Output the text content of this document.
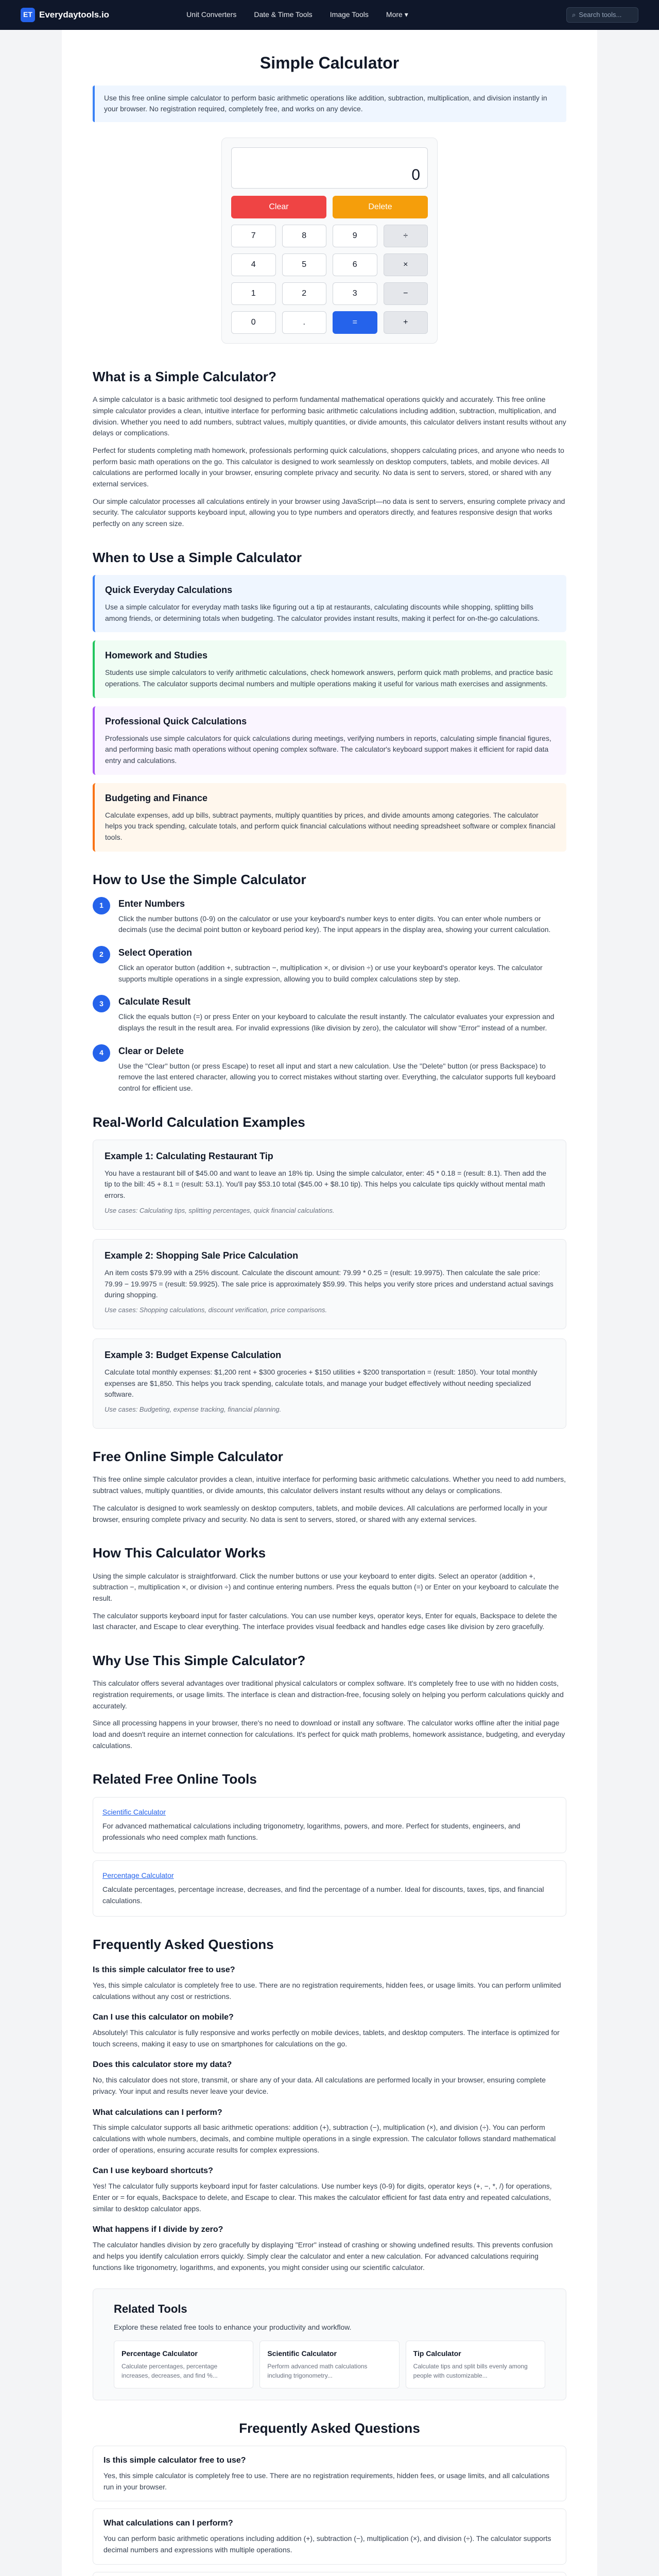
ET Everydaytools.io	Unit Converters Date & Time Tools Image Tools More ▾	⌕ Search tools...
Simple Calculator
Use this free online simple calculator to perform basic arithmetic operations like addition, subtraction, multiplication, and division instantly in your browser. No registration required, completely free, and works on any device.
0
Clear	Delete
7	8	9	÷
4	5	6	×
1	2	3	−
0	.	=	+
What is a Simple Calculator?

A simple calculator is a basic arithmetic tool designed to perform fundamental mathematical operations quickly and accurately. This free online simple calculator provides a clean, intuitive interface for performing basic arithmetic calculations including addition, subtraction, multiplication, and division. Whether you need to add numbers, subtract values, multiply quantities, or divide amounts, this calculator delivers instant results without any delays or complications.

Perfect for students completing math homework, professionals performing quick calculations, shoppers calculating prices, and anyone who needs to perform basic math operations on the go. This calculator is designed to work seamlessly on desktop computers, tablets, and mobile devices. All calculations are performed locally in your browser, ensuring complete privacy and security. No data is sent to servers, stored, or shared with any external services.

Our simple calculator processes all calculations entirely in your browser using JavaScript—no data is sent to servers, ensuring complete privacy and security. The calculator supports keyboard input, allowing you to type numbers and operators directly, and features responsive design that works perfectly on any screen size.

When to Use a Simple Calculator
Quick Everyday Calculations

Use a simple calculator for everyday math tasks like figuring out a tip at restaurants, calculating discounts while shopping, splitting bills among friends, or determining totals when budgeting. The calculator provides instant results, making it perfect for on-the-go calculations.

Homework and Studies

Students use simple calculators to verify arithmetic calculations, check homework answers, perform quick math problems, and practice basic operations. The calculator supports decimal numbers and multiple operations making it useful for various math exercises and assignments.

Professional Quick Calculations

Professionals use simple calculators for quick calculations during meetings, verifying numbers in reports, calculating simple financial figures, and performing basic math operations without opening complex software. The calculator's keyboard support makes it efficient for rapid data entry and calculations.

Budgeting and Finance

Calculate expenses, add up bills, subtract payments, multiply quantities by prices, and divide amounts among categories. The calculator helps you track spending, calculate totals, and perform quick financial calculations without needing spreadsheet software or complex financial tools.

How to Use the Simple Calculator
1	Enter Numbers

Click the number buttons (0-9) on the calculator or use your keyboard's number keys to enter digits. You can enter whole numbers or decimals (use the decimal point button or keyboard period key). The input appears in the display area, showing your current calculation.

2	Select Operation

Click an operator button (addition +, subtraction −, multiplication ×, or division ÷) or use your keyboard's operator keys. The calculator supports multiple operations in a single expression, allowing you to build complex calculations step by step.

3	Calculate Result

Click the equals button (=) or press Enter on your keyboard to calculate the result instantly. The calculator evaluates your expression and displays the result in the result area. For invalid expressions (like division by zero), the calculator will show "Error" instead of a number.

4	Clear or Delete

Use the "Clear" button (or press Escape) to reset all input and start a new calculation. Use the "Delete" button (or press Backspace) to remove the last entered character, allowing you to correct mistakes without starting over. Everything, the calculator supports full keyboard control for efficient use.

Real-World Calculation Examples
Example 1: Calculating Restaurant Tip

You have a restaurant bill of $45.00 and want to leave an 18% tip. Using the simple calculator, enter: 45 * 0.18 = (result: 8.1). Then add the tip to the bill: 45 + 8.1 = (result: 53.1). You'll pay $53.10 total ($45.00 + $8.10 tip). This helps you calculate tips quickly without mental math errors.

Use cases: Calculating tips, splitting percentages, quick financial calculations.

Example 2: Shopping Sale Price Calculation

An item costs $79.99 with a 25% discount. Calculate the discount amount: 79.99 * 0.25 = (result: 19.9975). Then calculate the sale price: 79.99 − 19.9975 = (result: 59.9925). The sale price is approximately $59.99. This helps you verify store prices and understand actual savings during shopping.

Use cases: Shopping calculations, discount verification, price comparisons.

Example 3: Budget Expense Calculation

Calculate total monthly expenses: $1,200 rent + $300 groceries + $150 utilities + $200 transportation = (result: 1850). Your total monthly expenses are $1,850. This helps you track spending, calculate totals, and manage your budget effectively without needing specialized software.

Use cases: Budgeting, expense tracking, financial planning.

Free Online Simple Calculator

This free online simple calculator provides a clean, intuitive interface for performing basic arithmetic calculations. Whether you need to add numbers, subtract values, multiply quantities, or divide amounts, this calculator delivers instant results without any delays or complications.

The calculator is designed to work seamlessly on desktop computers, tablets, and mobile devices. All calculations are performed locally in your browser, ensuring complete privacy and security. No data is sent to servers, stored, or shared with any external services.

How This Calculator Works

Using the simple calculator is straightforward. Click the number buttons or use your keyboard to enter digits. Select an operator (addition +, subtraction −, multiplication ×, or division ÷) and continue entering numbers. Press the equals button (=) or Enter on your keyboard to calculate the result.

The calculator supports keyboard input for faster calculations. You can use number keys, operator keys, Enter for equals, Backspace to delete the last character, and Escape to clear everything. The interface provides visual feedback and handles edge cases like division by zero gracefully.

Why Use This Simple Calculator?

This calculator offers several advantages over traditional physical calculators or complex software. It's completely free to use with no hidden costs, registration requirements, or usage limits. The interface is clean and distraction-free, focusing solely on helping you perform calculations quickly and accurately.

Since all processing happens in your browser, there's no need to download or install any software. The calculator works offline after the initial page load and doesn't require an internet connection for calculations. It's perfect for quick math problems, homework assistance, budgeting, and everyday calculations.

Related Free Online Tools
Scientific Calculator

For advanced mathematical calculations including trigonometry, logarithms, powers, and more. Perfect for students, engineers, and professionals who need complex math functions.

Percentage Calculator

Calculate percentages, percentage increase, decreases, and find the percentage of a number. Ideal for discounts, taxes, tips, and financial calculations.

Frequently Asked Questions
Is this simple calculator free to use?

Yes, this simple calculator is completely free to use. There are no registration requirements, hidden fees, or usage limits. You can perform unlimited calculations without any cost or restrictions.

Can I use this calculator on mobile?

Absolutely! This calculator is fully responsive and works perfectly on mobile devices, tablets, and desktop computers. The interface is optimized for touch screens, making it easy to use on smartphones for calculations on the go.

Does this calculator store my data?

No, this calculator does not store, transmit, or share any of your data. All calculations are performed locally in your browser, ensuring complete privacy. Your input and results never leave your device.

What calculations can I perform?

This simple calculator supports all basic arithmetic operations: addition (+), subtraction (−), multiplication (×), and division (÷). You can perform calculations with whole numbers, decimals, and combine multiple operations in a single expression. The calculator follows standard mathematical order of operations, ensuring accurate results for complex expressions.

Can I use keyboard shortcuts?

Yes! The calculator fully supports keyboard input for faster calculations. Use number keys (0-9) for digits, operator keys (+, −, *, /) for operations, Enter or = for equals, Backspace to delete, and Escape to clear. This makes the calculator efficient for fast data entry and repeated calculations, similar to desktop calculator apps.

What happens if I divide by zero?

The calculator handles division by zero gracefully by displaying "Error" instead of crashing or showing undefined results. This prevents confusion and helps you identify calculation errors quickly. Simply clear the calculator and enter a new calculation. For advanced calculations requiring functions like trigonometry, logarithms, and exponents, you might consider using our scientific calculator.

Related Tools

Explore these related free tools to enhance your productivity and workflow.

Percentage Calculator

Calculate percentages, percentage increases, decreases, and find %...

Scientific Calculator

Perform advanced math calculations including trigonometry...

Tip Calculator

Calculate tips and split bills evenly among people with customizable...

Frequently Asked Questions
Is this simple calculator free to use?

Yes, this simple calculator is completely free to use. There are no registration requirements, hidden fees, or usage limits, and all calculations run in your browser.

What calculations can I perform?

You can perform basic arithmetic operations including addition (+), subtraction (−), multiplication (×), and division (÷). The calculator supports decimal numbers and expressions with multiple operations.
